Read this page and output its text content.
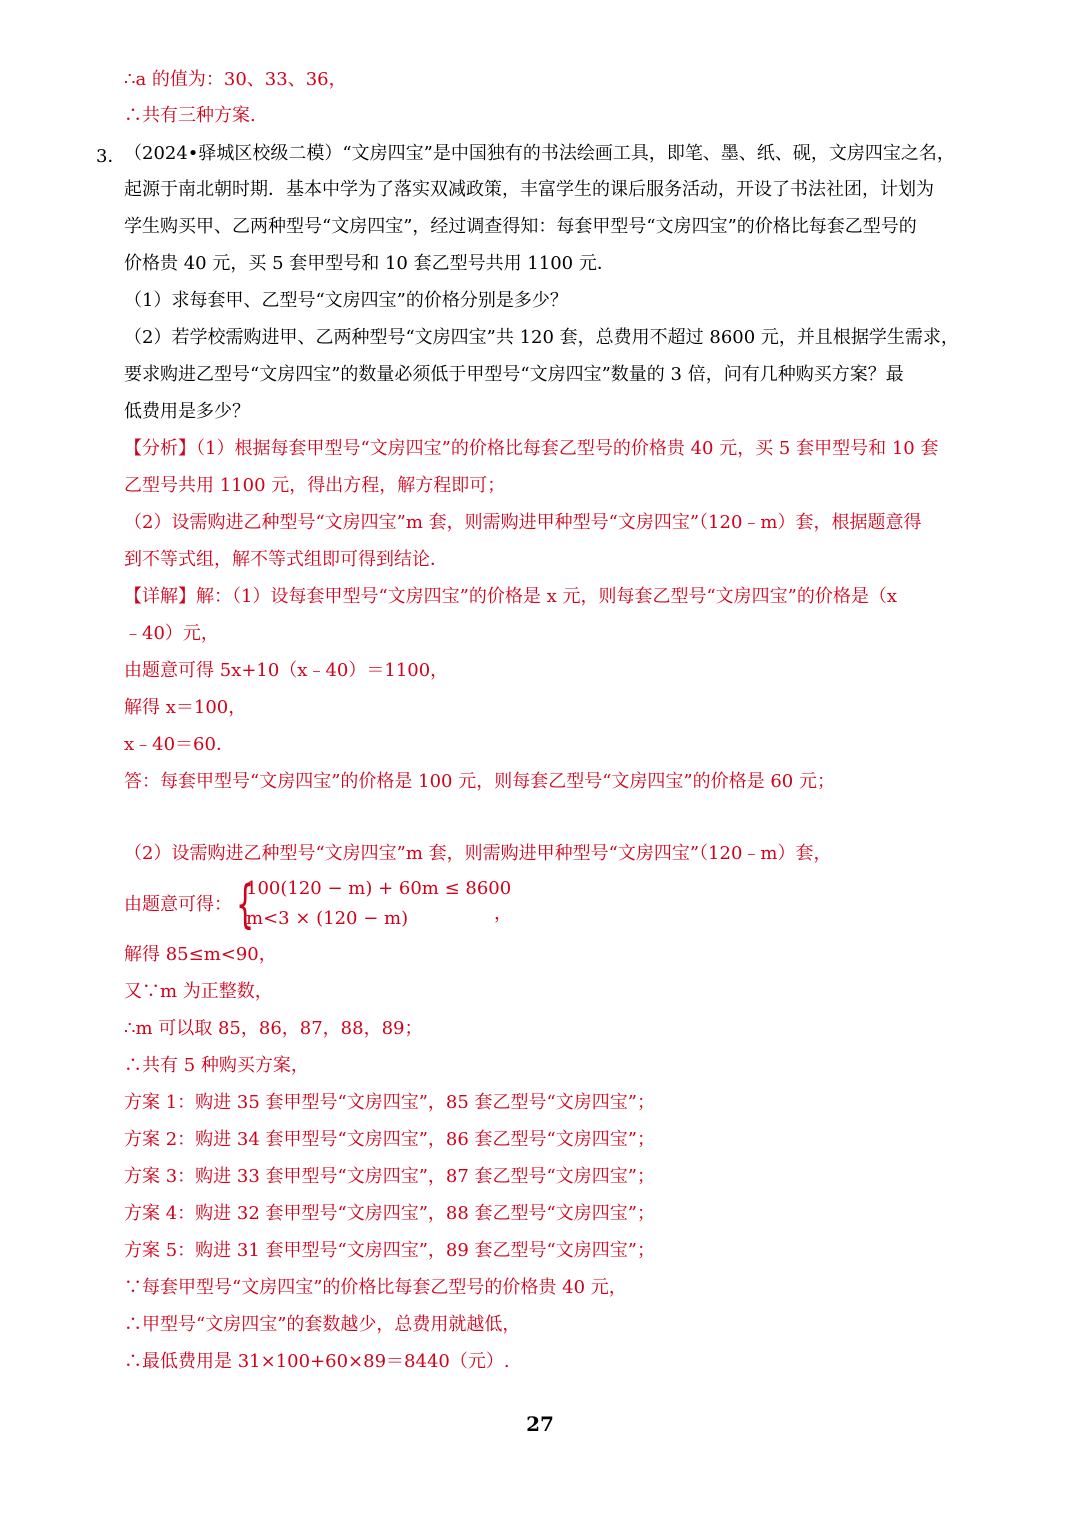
∴a 的值为：30、33、36，
∴共有三种方案.
3．
（2024•驿城区校级二模）“文房四宝”是中国独有的书法绘画工具，即笔、墨、纸、砚，文房四宝之名，
起源于南北朝时期．基本中学为了落实双减政策，丰富学生的课后服务活动，开设了书法社团，计划为
学生购买甲、乙两种型号“文房四宝”，经过调查得知：每套甲型号“文房四宝”的价格比每套乙型号的
价格贵 40 元，买 5 套甲型号和 10 套乙型号共用 1100 元．
（1）求每套甲、乙型号“文房四宝”的价格分别是多少？
（2）若学校需购进甲、乙两种型号“文房四宝”共 120 套，总费用不超过 8600 元，并且根据学生需求，
要求购进乙型号“文房四宝”的数量必须低于甲型号“文房四宝”数量的 3 倍，问有几种购买方案？最
低费用是多少？
【分析】（1）根据每套甲型号“文房四宝”的价格比每套乙型号的价格贵 40 元，买 5 套甲型号和 10 套
乙型号共用 1100 元，得出方程，解方程即可；
（2）设需购进乙种型号“文房四宝”m 套，则需购进甲种型号“文房四宝”（120﹣m）套，根据题意得
到不等式组，解不等式组即可得到结论．
【详解】解：（1）设每套甲型号“文房四宝”的价格是 x 元，则每套乙型号“文房四宝”的价格是（x
﹣40）元，
由题意可得 5x+10（x﹣40）＝1100，
解得 x＝100，
x﹣40＝60．
答：每套甲型号“文房四宝”的价格是 100 元，则每套乙型号“文房四宝”的价格是 60 元；
（2）设需购进乙种型号“文房四宝”m 套，则需购进甲种型号“文房四宝”（120﹣m）套，
由题意可得： {
100(120 − m) + 60m ≤ 8600
m<3 × (120 − m)	，
解得 85≤m<90，
又∵m 为正整数，
∴m 可以取 85，86，87，88，89；
∴共有 5 种购买方案，
方案 1：购进 35 套甲型号“文房四宝”，85 套乙型号“文房四宝”；
方案 2：购进 34 套甲型号“文房四宝”，86 套乙型号“文房四宝”；
方案 3：购进 33 套甲型号“文房四宝”，87 套乙型号“文房四宝”；
方案 4：购进 32 套甲型号“文房四宝”，88 套乙型号“文房四宝”；
方案 5：购进 31 套甲型号“文房四宝”，89 套乙型号“文房四宝”；
∵每套甲型号“文房四宝”的价格比每套乙型号的价格贵 40 元，
∴甲型号“文房四宝”的套数越少，总费用就越低，
∴最低费用是 31×100+60×89＝8440（元）.
27
